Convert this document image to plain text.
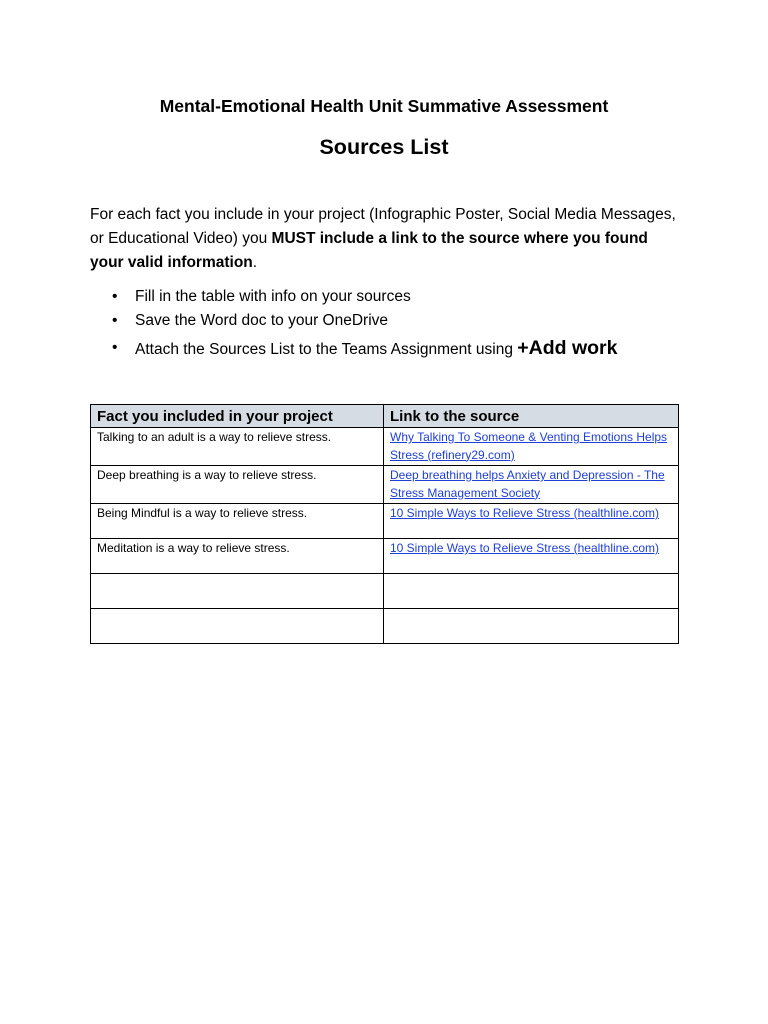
Mental-Emotional Health Unit Summative Assessment
Sources List

For each fact you include in your project (Infographic Poster, Social Media Messages, or Educational Video) you MUST include a link to the source where you found your valid information.

• Fill in the table with info on your sources
• Save the Word doc to your OneDrive
• Attach the Sources List to the Teams Assignment using +Add work
Fact you included in your project	Link to the source
Talking to an adult is a way to relieve stress.	Why Talking To Someone & Venting Emotions Helps Stress (refinery29.com)
Deep breathing is a way to relieve stress.	Deep breathing helps Anxiety and Depression - The Stress Management Society
Being Mindful is a way to relieve stress.	10 Simple Ways to Relieve Stress (healthline.com)
Meditation is a way to relieve stress.	10 Simple Ways to Relieve Stress (healthline.com)
